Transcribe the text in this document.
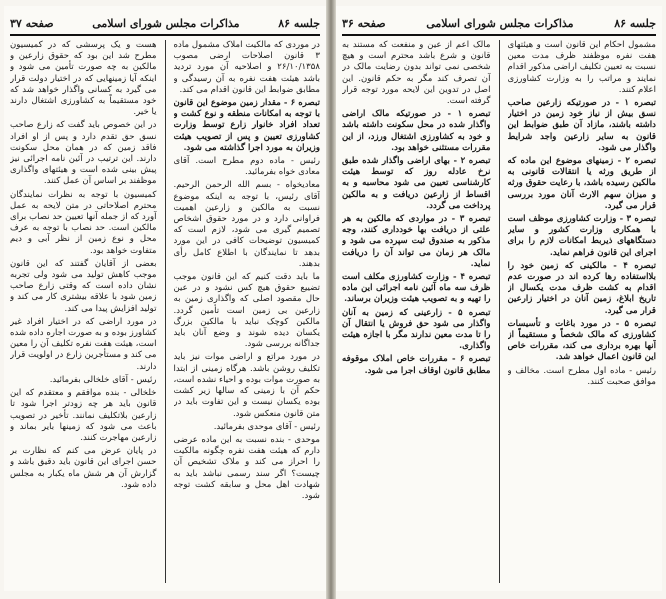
جلسه ۸۶
مذاکرات مجلس شورای اسلامی
صفحه ۳۷

در موردی که مالکیت املاک مشمول ماده ۳ قانون اصلاحات ارضی مصوب ۲۶/۱۰/۱۳۵۸ و اصلاحیه آن مورد تردید باشد هیئت هفت نفره به آن رسیدگی و مطابق ضوابط این قانون اقدام می کند.

تبصره ۶ - مقدار زمین موضوع این قانون با توجه به امکانات منطقه و نوع کشت و تعداد افراد خانوار زارع توسط وزارت کشاورزی تعیین و پس از تصویب هیئت وزیران به مورد اجرا گذاشته می شود.

رئیس - ماده دوم مطرح است. آقای معادی خواه بفرمائید.

معادیخواه - بسم الله الرحمن الرحیم. آقای رئیس، با توجه به اینکه موضوع نسبت به مالکین و زارعین اهمیت فراوانی دارد و در مورد حقوق اشخاص تصمیم گیری می شود، لازم است که کمیسیون توضیحات کافی در این مورد بدهد تا نمایندگان با اطلاع کامل رأی بدهند.

ما باید دقت کنیم که این قانون موجب تضییع حقوق هیچ کس نشود و در عین حال مقصود اصلی که واگذاری زمین به زارعین بی زمین است تأمین گردد. مالکین کوچک نباید با مالکین بزرگ یکسان دیده شوند و وضع آنان باید جداگانه بررسی شود.

در مورد مراتع و اراضی موات نیز باید تکلیف روشن باشد. هرگاه زمینی از ابتدا به صورت موات بوده و احیاء نشده است، حکم آن با زمینی که سالها زیر کشت بوده یکسان نیست و این تفاوت باید در متن قانون منعکس شود.

رئیس - آقای موحدی بفرمائید.

موحدی - بنده نسبت به این ماده عرضی دارم که هیئت هفت نفره چگونه مالکیت را احراز می کند و ملاک تشخیص آن چیست؟ اگر سند رسمی نباشد باید به شهادت اهل محل و سابقه کشت توجه شود.

هست و یک پرسشی که در کمیسیون مطرح شد این بود که حقوق زارعین و مالکین به چه صورت تأمین می شود و اینکه آیا زمینهایی که در اختیار دولت قرار می گیرد به کسانی واگذار خواهد شد که خود مستقیماً به کشاورزی اشتغال دارند یا خیر.

در این خصوص باید گفت که زارع صاحب نسق حق تقدم دارد و پس از او افراد فاقد زمین که در همان محل سکونت دارند. این ترتیب در آئین نامه اجرائی نیز پیش بینی شده است و هیئتهای واگذاری موظفند بر اساس آن عمل کنند.

کمیسیون با توجه به نظرات نمایندگان محترم اصلاحاتی در متن لایحه به عمل آورد که از جمله آنها تعیین حد نصاب برای مالکین است. حد نصاب با توجه به عرف محل و نوع زمین از نظر آبی و دیم متفاوت خواهد بود.

بعضی از آقایان گفتند که این قانون موجب کاهش تولید می شود ولی تجربه نشان داده است که وقتی زارع صاحب زمین شود با علاقه بیشتری کار می کند و تولید افزایش پیدا می کند.

در مورد اراضی که در اختیار افراد غیر کشاورز بوده و به صورت اجاره داده شده است، هیئت هفت نفره تکلیف آن را معین می کند و مستأجرین زارع در اولویت قرار دارند.

رئیس - آقای خلخالی بفرمائید.

خلخالی - بنده موافقم و معتقدم که این قانون باید هر چه زودتر اجرا شود تا زارعین بلاتکلیف نمانند. تأخیر در تصویب باعث می شود که زمینها بایر بماند و زارعین مهاجرت کنند.

در پایان عرض می کنم که نظارت بر حسن اجرای این قانون باید دقیق باشد و گزارش آن هر شش ماه یکبار به مجلس داده شود.

جلسه ۸۶
مذاکرات مجلس شورای اسلامی
صفحه ۳۶

مشمول احکام این قانون است و هیئتهای هفت نفره موظفند ظرف مدت معین نسبت به تعیین تکلیف اراضی مذکور اقدام نمایند و مراتب را به وزارت کشاورزی اعلام کنند.

تبصره ۱ - در صورتیکه زارعین صاحب نسق بیش از نیاز خود زمین در اختیار داشته باشند، مازاد آن طبق ضوابط این قانون به سایر زارعین واجد شرایط واگذار می شود.

تبصره ۲ - زمینهای موضوع این ماده که از طریق ورثه یا انتقالات قانونی به مالکین رسیده باشد، با رعایت حقوق ورثه و میزان سهم الارث آنان مورد بررسی قرار می گیرد.

تبصره ۳ - وزارت کشاورزی موظف است با همکاری وزارت کشور و سایر دستگاههای ذیربط امکانات لازم را برای اجرای این قانون فراهم نماید.

تبصره ۴ - مالکینی که زمین خود را بلااستفاده رها کرده اند در صورت عدم اقدام به کشت ظرف مدت یکسال از تاریخ ابلاغ، زمین آنان در اختیار زارعین قرار می گیرد.

تبصره ۵ - در مورد باغات و تأسیسات کشاورزی که مالک شخصاً و مستقیماً از آنها بهره برداری می کند، مقررات خاص این قانون اعمال خواهد شد.

رئیس - ماده اول مطرح است. مخالف و موافق صحبت کنند.

مالک اعم از عین و منفعت که مستند به قانون و شرع باشد محترم است و هیچ شخصی نمی تواند بدون رضایت مالک در آن تصرف کند مگر به حکم قانون. این اصل در تدوین این لایحه مورد توجه قرار گرفته است.

تبصره ۱ - در صورتیکه مالک اراضی واگذار شده در محل سکونت داشته باشد و خود به کشاورزی اشتغال ورزد، از این مقررات مستثنی خواهد بود.

تبصره ۲ - بهای اراضی واگذار شده طبق نرخ عادله روز که توسط هیئت کارشناسی تعیین می شود محاسبه و به اقساط از زارعین دریافت و به مالکین پرداخت می گردد.

تبصره ۳ - در مواردی که مالکین به هر علتی از دریافت بها خودداری کنند، وجه مذکور به صندوق ثبت سپرده می شود و مالک هر زمان می تواند آن را دریافت نماید.

تبصره ۴ - وزارت کشاورزی مکلف است ظرف سه ماه آئین نامه اجرائی این ماده را تهیه و به تصویب هیئت وزیران برساند.

تبصره ۵ - زارعینی که زمین به آنان واگذار می شود حق فروش یا انتقال آن را تا مدت معین ندارند مگر با اجازه هیئت واگذاری.

تبصره ۶ - مقررات خاص املاک موقوفه مطابق قانون اوقاف اجرا می شود.
